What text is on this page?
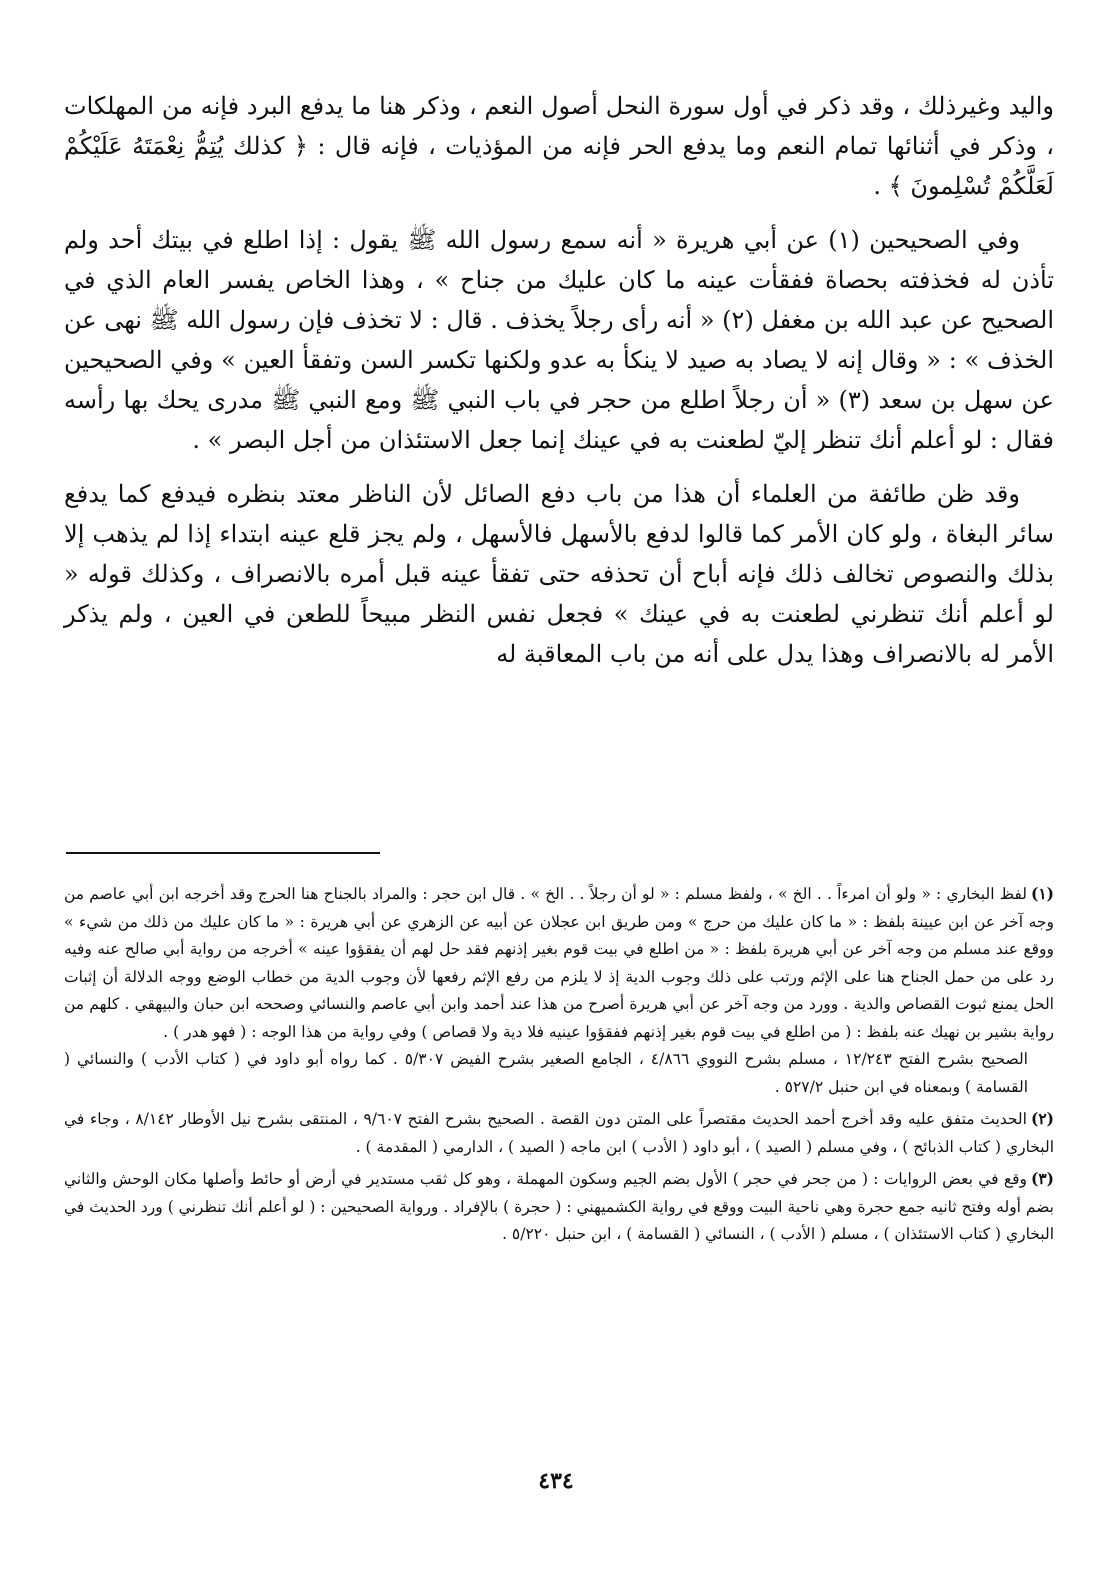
واليد وغيرذلك ، وقد ذكر في أول سورة النحل أصول النعم ، وذكر هنا ما يدفع البرد فإنه من المهلكات ، وذكر في أثنائها تمام النعم وما يدفع الحر فإنه من المؤذيات ، فإنه قال : ﴿ كذلك يُتِمُّ نِعْمَتَهُ عَلَيْكُمْ لَعَلَّكُمْ تُسْلِمونَ ﴾ .

وفي الصحيحين (١) عن أبي هريرة « أنه سمع رسول الله ﷺ يقول : إذا اطلع في بيتك أحد ولم تأذن له فخذفته بحصاة ففقأت عينه ما كان عليك من جناح » ، وهذا الخاص يفسر العام الذي في الصحيح عن عبد الله بن مغفل (٢) « أنه رأى رجلاً يخذف . قال : لا تخذف فإن رسول الله ﷺ نهى عن الخذف » : « وقال إنه لا يصاد به صيد لا ينكأ به عدو ولكنها تكسر السن وتفقأ العين » وفي الصحيحين عن سهل بن سعد (٣) « أن رجلاً اطلع من حجر في باب النبي ﷺ ومع النبي ﷺ مدرى يحك بها رأسه فقال : لو أعلم أنك تنظر إليّ لطعنت به في عينك إنما جعل الاستئذان من أجل البصر » .

وقد ظن طائفة من العلماء أن هذا من باب دفع الصائل لأن الناظر معتد بنظره فيدفع كما يدفع سائر البغاة ، ولو كان الأمر كما قالوا لدفع بالأسهل فالأسهل ، ولم يجز قلع عينه ابتداء إذا لم يذهب إلا بذلك والنصوص تخالف ذلك فإنه أباح أن تحذفه حتى تفقأ عينه قبل أمره بالانصراف ، وكذلك قوله « لو أعلم أنك تنظرني لطعنت به في عينك » فجعل نفس النظر مبيحاً للطعن في العين ، ولم يذكر الأمر له بالانصراف وهذا يدل على أنه من باب المعاقبة له

(١)لفظ البخاري : « ولو أن امرءاً . . الخ » ، ولفظ مسلم : « لو أن رجلاً . . الخ » . قال ابن حجر : والمراد بالجناح هنا الحرج وقد أخرجه ابن أبي عاصم من وجه آخر عن ابن عيينة بلفظ : « ما كان عليك من حرج » ومن طريق ابن عجلان عن أبيه عن الزهري عن أبي هريرة : « ما كان عليك من ذلك من شيء » ووقع عند مسلم من وجه آخر عن أبي هريرة بلفظ : « من اطلع في بيت قوم بغير إذنهم فقد حل لهم أن يفقؤوا عينه » أخرجه من رواية أبي صالح عنه وفيه رد على من حمل الجناح هنا على الإثم ورتب على ذلك وجوب الدية إذ لا يلزم من رفع الإثم رفعها لأن وجوب الدية من خطاب الوضع ووجه الدلالة أن إثبات الحل يمنع ثبوت القصاص والدية . وورد من وجه آخر عن أبي هريرة أصرح من هذا عند أحمد وابن أبي عاصم والنسائي وصححه ابن حبان والبيهقي . كلهم من رواية بشير بن نهيك عنه بلفظ : ( من اطلع في بيت قوم بغير إذنهم ففقؤوا عينيه فلا دية ولا قصاص ) وفي رواية من هذا الوجه : ( فهو هدر ) .

الصحيح بشرح الفتح ١٢/٢٤٣ ، مسلم بشرح النووي ٤/٨٦٦ ، الجامع الصغير بشرح الفيض ٥/٣٠٧ . كما رواه أبو داود في ( كتاب الأدب ) والنسائي ( القسامة ) وبمعناه في ابن حنبل ٥٢٧/٢ .

(٢)الحديث متفق عليه وقد أخرج أحمد الحديث مقتصراً على المتن دون القصة . الصحيح بشرح الفتح ٩/٦٠٧ ، المنتقى بشرح نيل الأوطار ٨/١٤٢ ، وجاء في البخاري ( كتاب الذبائح ) ، وفي مسلم ( الصيد ) ، أبو داود ( الأدب ) ابن ماجه ( الصيد ) ، الدارمي ( المقدمة ) .

(٣)وقع في بعض الروايات : ( من جحر في حجر ) الأول بضم الجيم وسكون المهملة ، وهو كل ثقب مستدير في أرض أو حائط وأصلها مكان الوحش والثاني بضم أوله وفتح ثانيه جمع حجرة وهي ناحية البيت ووقع في رواية الكشميهني : ( حجرة ) بالإفراد . ورواية الصحيحين : ( لو أعلم أنك تنظرني ) ورد الحديث في البخاري ( كتاب الاستئذان ) ، مسلم ( الأدب ) ، النسائي ( القسامة ) ، ابن حنبل ٥/٢٢٠ .

٤٣٤
